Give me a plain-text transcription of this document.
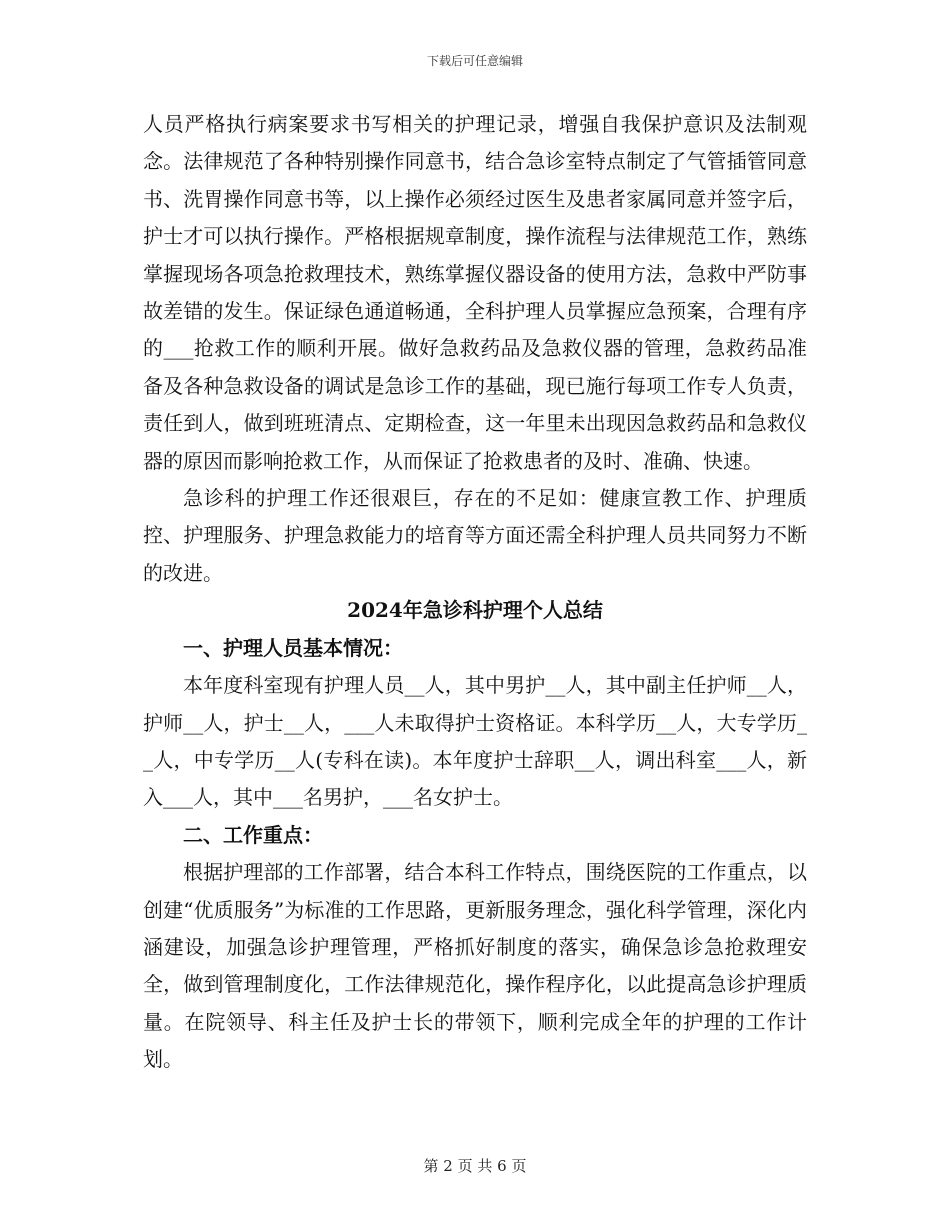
下载后可任意编辑

人员严格执行病案要求书写相关的护理记录，增强自我保护意识及法制观念。法律规范了各种特别操作同意书，结合急诊室特点制定了气管插管同意书、洗胃操作同意书等，以上操作必须经过医生及患者家属同意并签字后，护士才可以执行操作。严格根据规章制度，操作流程与法律规范工作，熟练掌握现场各项急抢救理技术，熟练掌握仪器设备的使用方法，急救中严防事故差错的发生。保证绿色通道畅通，全科护理人员掌握应急预案，合理有序的___抢救工作的顺利开展。做好急救药品及急救仪器的管理，急救药品准备及各种急救设备的调试是急诊工作的基础，现已施行每项工作专人负责，责任到人，做到班班清点、定期检查，这一年里未出现因急救药品和急救仪器的原因而影响抢救工作，从而保证了抢救患者的及时、准确、快速。

急诊科的护理工作还很艰巨，存在的不足如：健康宣教工作、护理质控、护理服务、护理急救能力的培育等方面还需全科护理人员共同努力不断的改进。

2024年急诊科护理个人总结
一、护理人员基本情况：

本年度科室现有护理人员__人，其中男护__人，其中副主任护师__人，护师__人，护士__人，___人未取得护士资格证。本科学历__人，大专学历__人，中专学历__人(专科在读)。本年度护士辞职__人，调出科室___人，新入___人，其中___名男护，___名女护士。

二、工作重点：

根据护理部的工作部署，结合本科工作特点，围绕医院的工作重点，以创建“优质服务”为标准的工作思路，更新服务理念，强化科学管理，深化内涵建设，加强急诊护理管理，严格抓好制度的落实，确保急诊急抢救理安全，做到管理制度化，工作法律规范化，操作程序化，以此提高急诊护理质量。在院领导、科主任及护士长的带领下，顺利完成全年的护理的工作计划。

第 2 页 共 6 页
